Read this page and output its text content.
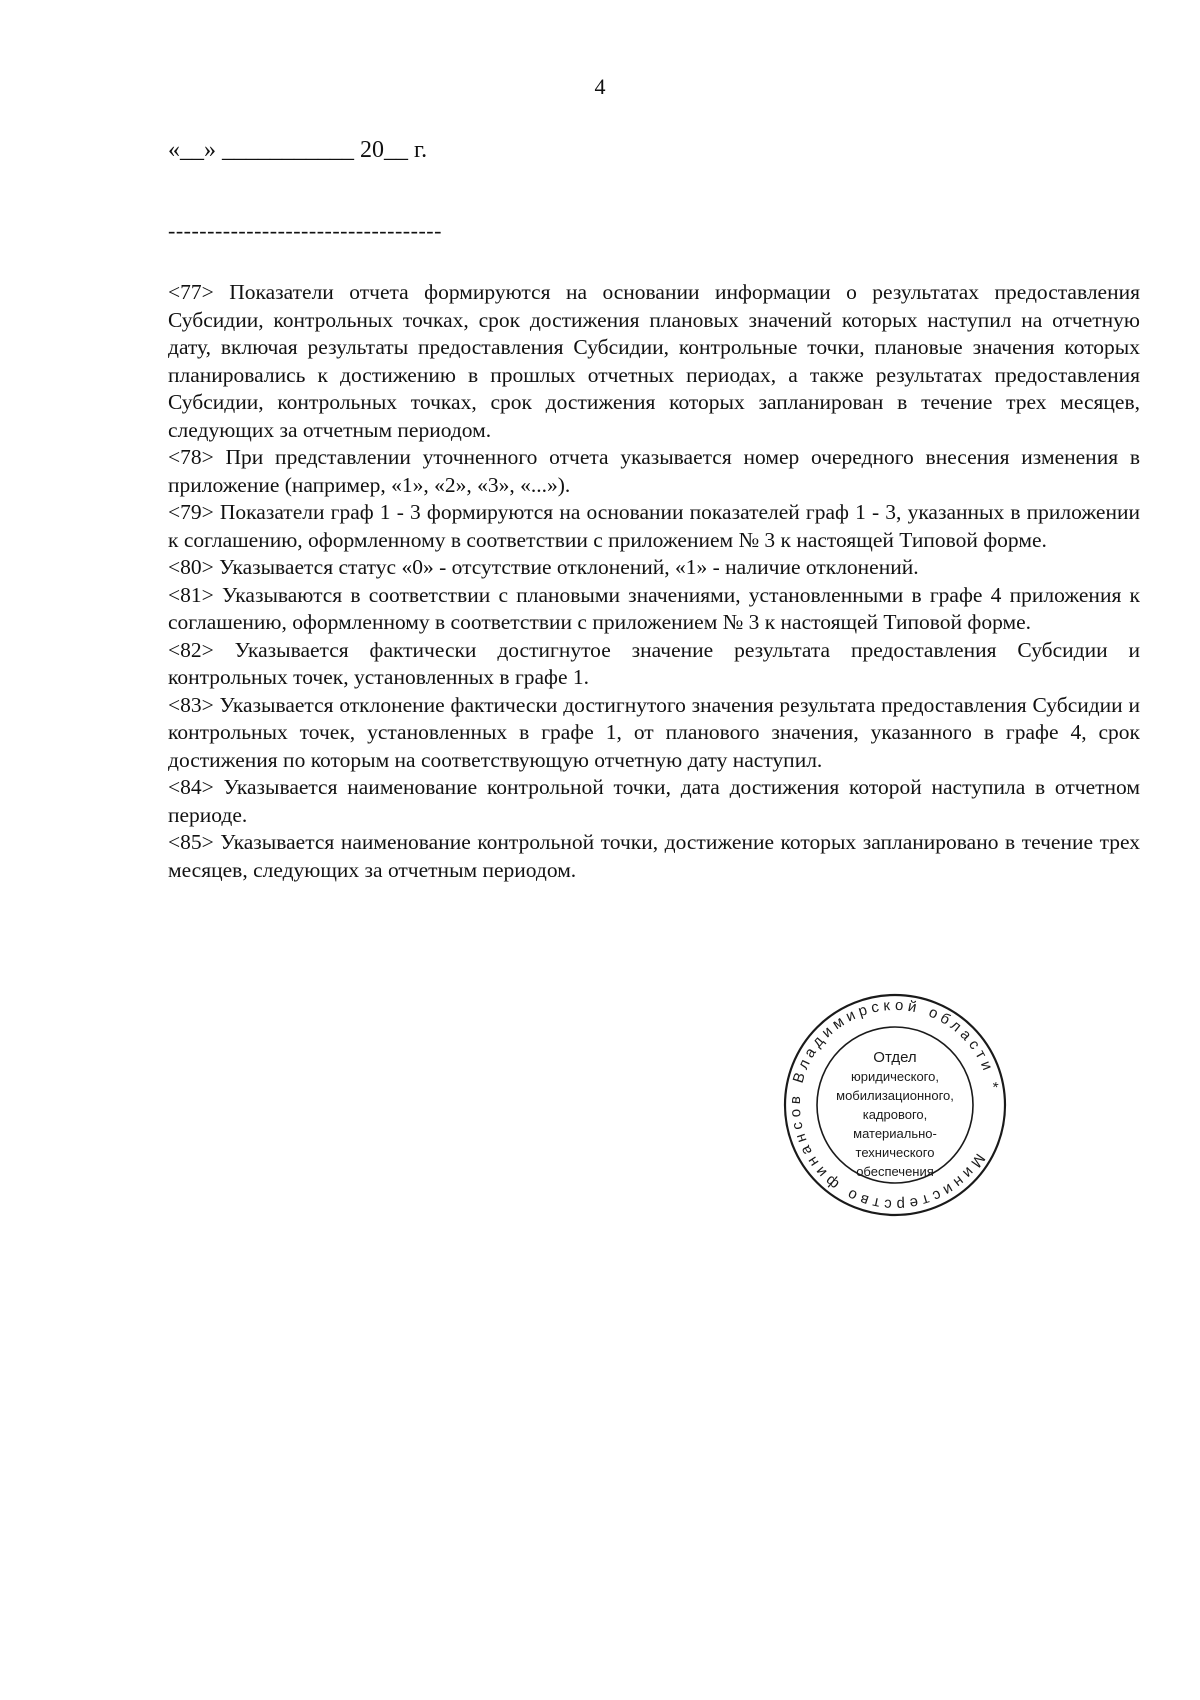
4
«__» ___________ 20__ г.
-----------------------------------

<77> Показатели отчета формируются на основании информации о результатах предоставления Субсидии, контрольных точках, срок достижения плановых значений которых наступил на отчетную дату, включая результаты предоставления Субсидии, контрольные точки, плановые значения которых планировались к достижению в прошлых отчетных периодах, а также результатах предоставления Субсидии, контрольных точках, срок достижения которых запланирован в течение трех месяцев, следующих за отчетным периодом.

<78> При представлении уточненного отчета указывается номер очередного внесения изменения в приложение (например, «1», «2», «3», «...»).

<79> Показатели граф 1 - 3 формируются на основании показателей граф 1 - 3, указанных в приложении к соглашению, оформленному в соответствии с приложением № 3 к настоящей Типовой форме.

<80> Указывается статус «0» - отсутствие отклонений, «1» - наличие отклонений.

<81> Указываются в соответствии с плановыми значениями, установленными в графе 4 приложения к соглашению, оформленному в соответствии с приложением № 3 к настоящей Типовой форме.

<82> Указывается фактически достигнутое значение результата предоставления Субсидии и контрольных точек, установленных в графе 1.

<83> Указывается отклонение фактически достигнутого значения результата предоставления Субсидии и контрольных точек, установленных в графе 1, от планового значения, указанного в графе 4, срок достижения по которым на соответствующую отчетную дату наступил.

<84> Указывается наименование контрольной точки, дата достижения которой наступила в отчетном периоде.

<85> Указывается наименование контрольной точки, достижение которых запланировано в течение трех месяцев, следующих за отчетным периодом.

Министерство финансов Владимирской области *
Отдел
юридического,
мобилизационного,
кадрового,
материально-
технического
обеспечения
